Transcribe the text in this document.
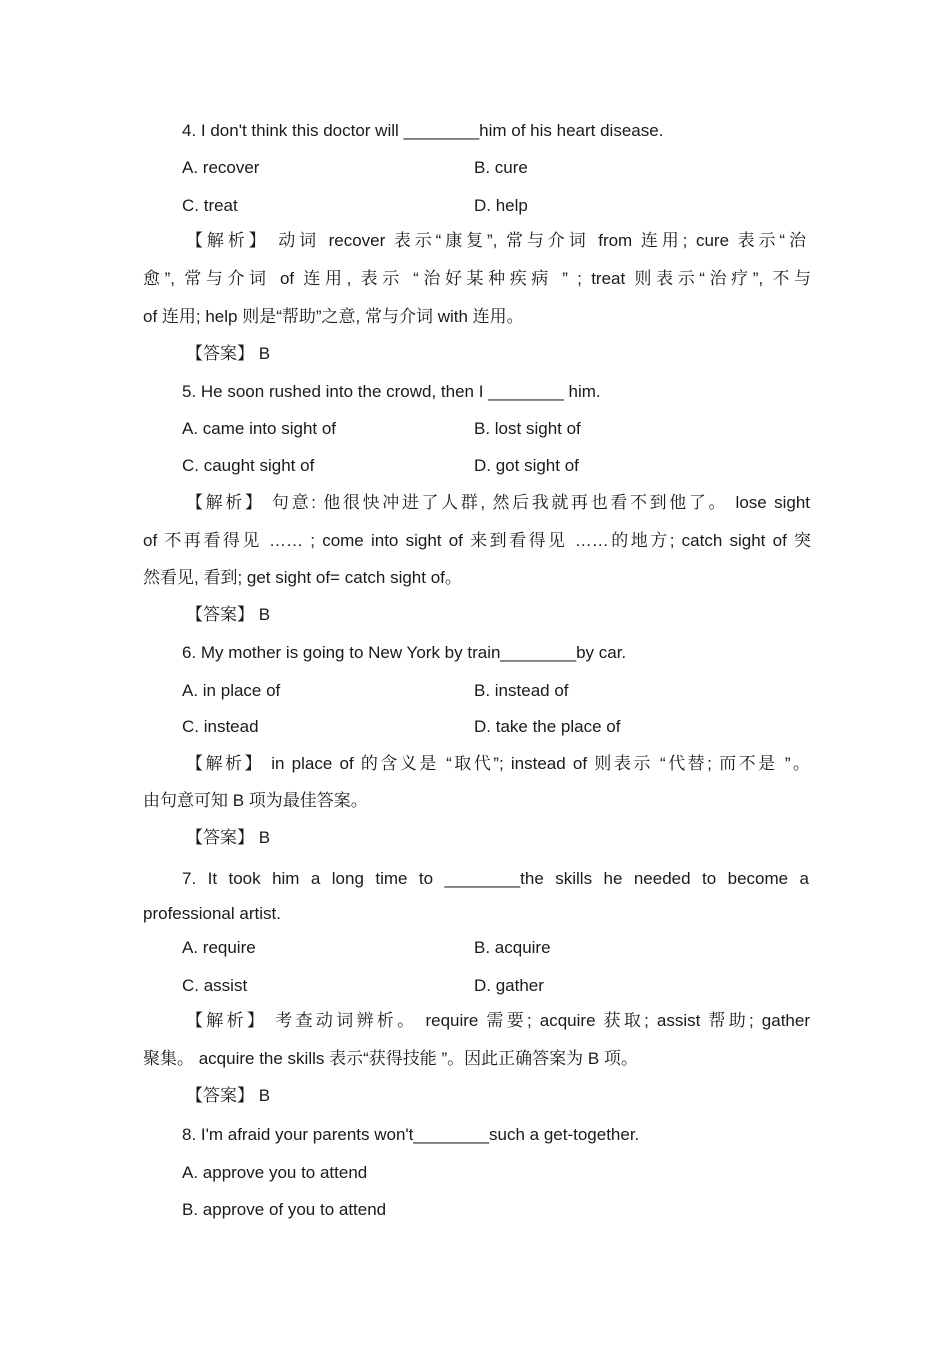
4. I don't think this doctor will ________him of his heart disease.
A. recover	B. cure
C. treat	D. help
【解析】 动词 recover 表示“康复”, 常与介词 from 连用; cure 表示“治
愈”, 常与介词 of 连用, 表示 “治好某种疾病 ” ; treat 则表示“治疗”, 不与
of 连用; help 则是“帮助”之意, 常与介词 with 连用。
【答案】 B
5. He soon rushed into the crowd, then I ________ him.
A. came into sight of	B. lost sight of
C. caught sight of	D. got sight of
【解析】 句意: 他很快冲进了人群, 然后我就再也看不到他了。 lose sight
of 不再看得见 …… ; come into sight of 来到看得见 ……的地方; catch sight of 突
然看见, 看到; get sight of= catch sight of。
【答案】 B
6. My mother is going to New York by train________by car.
A. in place of	B. instead of
C. instead	D. take the place of
【解析】 in place of 的含义是 “取代”; instead of 则表示 “代替; 而不是 ”。
由句意可知 B 项为最佳答案。
【答案】 B
7. It took him a long time to ________the skills he needed to become a
professional artist.
A. require	B. acquire
C. assist	D. gather
【解析】 考查动词辨析。 require 需要; acquire 获取; assist 帮助; gather
聚集。 acquire the skills 表示“获得技能 ”。因此正确答案为 B 项。
【答案】 B
8. I'm afraid your parents won't________such a get-together.
A. approve you to attend
B. approve of you to attend
